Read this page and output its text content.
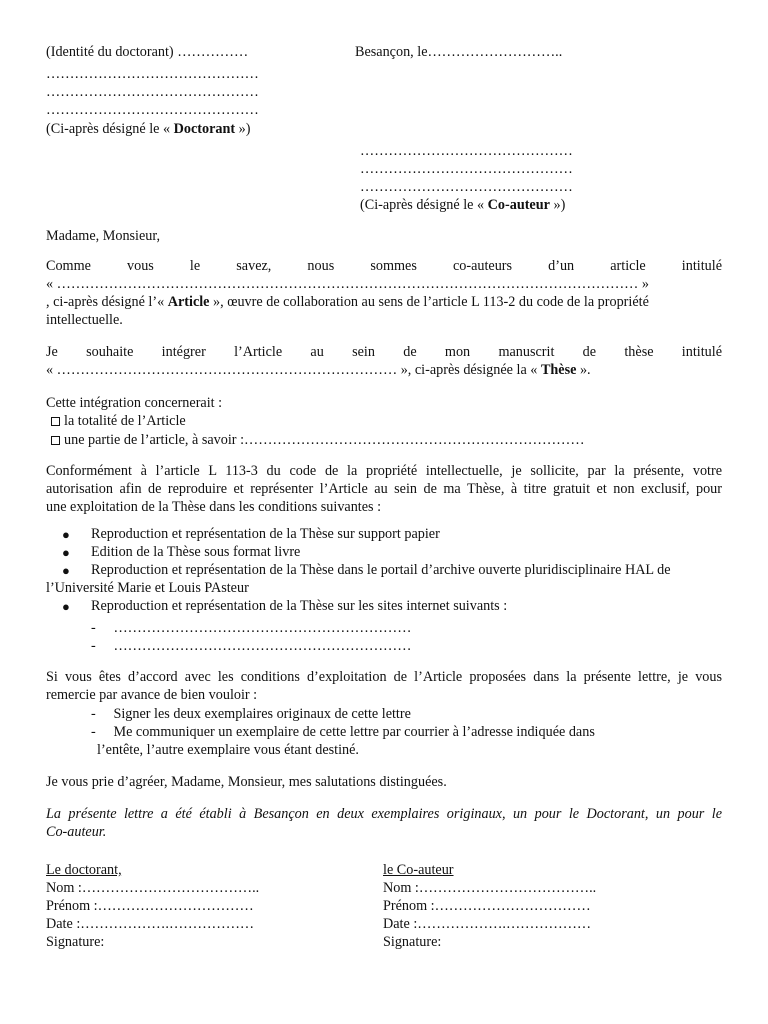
(Identité du doctorant) ……………	Besançon, le………………………..
………………………………………
………………………………………
………………………………………
(Ci-après désigné le « Doctorant »)
………………………………………
………………………………………
………………………………………
(Ci-après désigné le « Co-auteur »)
Madame, Monsieur,
Comme vous le savez, nous sommes co-auteurs d’un article intitulé
« …………………………………………………………………………………………………………… »
, ci-après désigné l’« Article », œuvre de collaboration au sens de l’article L 113-2 du code de la propriété
intellectuelle.
Je souhaite intégrer l’Article au sein de mon manuscrit de thèse intitulé
« ……………………………………………………………… », ci-après désignée la « Thèse ».
Cette intégration concernerait :
la totalité de l’Article
une partie de l’article, à savoir :………………………………………………………………
Conformément à l’article L 113-3 du code de la propriété intellectuelle, je sollicite, par la présente, votre
autorisation afin de reproduire et représenter l’Article au sein de ma Thèse, à titre gratuit et non exclusif, pour
une exploitation de la Thèse dans les conditions suivantes :
● Reproduction et représentation de la Thèse sur support papier
● Edition de la Thèse sous format livre
● Reproduction et représentation de la Thèse dans le portail d’archive ouverte pluridisciplinaire HAL de
l’Université Marie et Louis PAsteur
● Reproduction et représentation de la Thèse sur les sites internet suivants :
-     ………………………………………………………
-     ………………………………………………………
Si vous êtes d’accord avec les conditions d’exploitation de l’Article proposées dans la présente lettre, je vous
remercie par avance de bien vouloir :
-     Signer les deux exemplaires originaux de cette lettre
-     Me communiquer un exemplaire de cette lettre par courrier à l’adresse indiquée dans
l’entête, l’autre exemplaire vous étant destiné.
Je vous prie d’agréer, Madame, Monsieur, mes salutations distinguées.
La présente lettre a été établi à Besançon en deux exemplaires originaux, un pour le Doctorant, un pour le
Co-auteur.
Le doctorant,
Nom :………………………………..
Prénom :……………………………
Date :……………….………………
Signature:
le Co-auteur
Nom :………………………………..
Prénom :……………………………
Date :……………….………………
Signature:
